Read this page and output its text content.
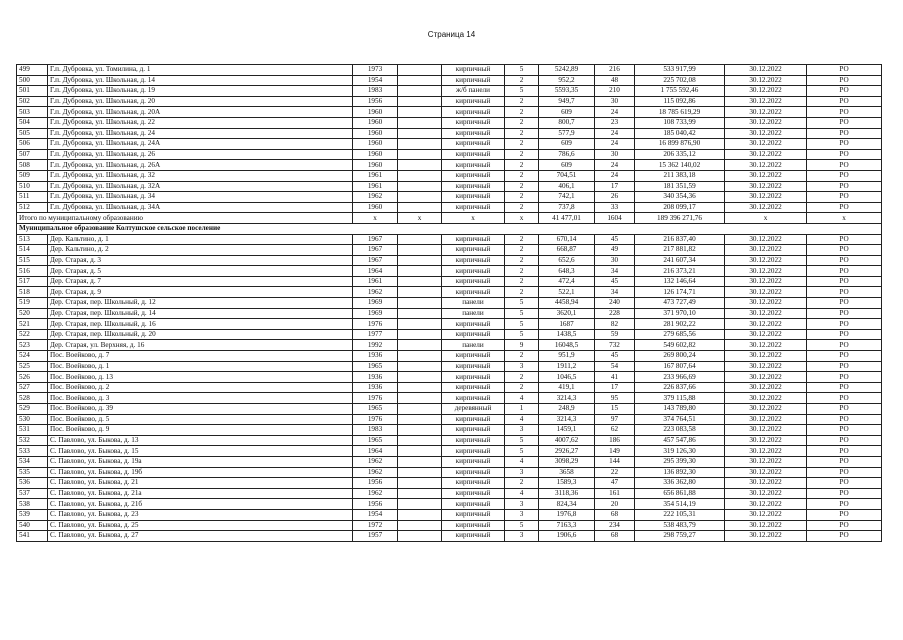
Страница 14
499	Г.п. Дубровка, ул. Томилина, д. 1	1973		кирпичный	5	5242,89	216	533 917,99	30.12.2022	РО
500	Г.п. Дубровка, ул. Школьная, д. 14	1954		кирпичный	2	952,2	48	225 702,08	30.12.2022	РО
501	Г.п. Дубровка, ул. Школьная, д. 19	1983		ж/б панели	5	5593,35	210	1 755 592,46	30.12.2022	РО
502	Г.п. Дубровка, ул. Школьная, д. 20	1956		кирпичный	2	949,7	30	115 092,86	30.12.2022	РО
503	Г.п. Дубровка, ул. Школьная, д. 20А	1960		кирпичный	2	609	24	18 785 619,29	30.12.2022	РО
504	Г.п. Дубровка, ул. Школьная, д. 22	1960		кирпичный	2	800,7	23	108 733,99	30.12.2022	РО
505	Г.п. Дубровка, ул. Школьная, д. 24	1960		кирпичный	2	577,9	24	185 040,42	30.12.2022	РО
506	Г.п. Дубровка, ул. Школьная, д. 24А	1960		кирпичный	2	609	24	16 899 876,90	30.12.2022	РО
507	Г.п. Дубровка, ул. Школьная, д. 26	1960		кирпичный	2	786,6	30	206 335,12	30.12.2022	РО
508	Г.п. Дубровка, ул. Школьная, д. 26А	1960		кирпичный	2	609	24	15 362 140,02	30.12.2022	РО
509	Г.п. Дубровка, ул. Школьная, д. 32	1961		кирпичный	2	704,51	24	211 383,18	30.12.2022	РО
510	Г.п. Дубровка, ул. Школьная, д. 32А	1961		кирпичный	2	406,1	17	181 351,59	30.12.2022	РО
511	Г.п. Дубровка, ул. Школьная, д. 34	1962		кирпичный	2	742,1	26	340 354,36	30.12.2022	РО
512	Г.п. Дубровка, ул. Школьная, д. 34А	1960		кирпичный	2	737,8	33	208 099,17	30.12.2022	РО
Итого по муниципальному образованию		x	x	x	x	41 477,01	1604	189 396 271,76	x	x
Муниципальное образование Колтушское сельское поселение										
513	Дер. Кальтино, д. 1	1967		кирпичный	2	670,14	45	216 837,40	30.12.2022	РО
514	Дер. Кальтино, д. 2	1967		кирпичный	2	668,87	49	217 881,82	30.12.2022	РО
515	Дер. Старая, д. 3	1967		кирпичный	2	652,6	30	241 607,34	30.12.2022	РО
516	Дер. Старая, д. 5	1964		кирпичный	2	648,3	34	216 373,21	30.12.2022	РО
517	Дер. Старая, д. 7	1961		кирпичный	2	472,4	45	132 146,64	30.12.2022	РО
518	Дер. Старая, д. 9	1962		кирпичный	2	522,1	34	126 174,71	30.12.2022	РО
519	Дер. Старая, пер. Школьный, д. 12	1969		панели	5	4458,94	240	473 727,49	30.12.2022	РО
520	Дер. Старая, пер. Школьный, д. 14	1969		панели	5	3620,1	228	371 970,10	30.12.2022	РО
521	Дер. Старая, пер. Школьный, д. 16	1976		кирпичный	5	1687	82	281 902,22	30.12.2022	РО
522	Дер. Старая, пер. Школьный, д. 20	1977		кирпичный	5	1438,5	59	279 685,56	30.12.2022	РО
523	Дер. Старая, ул. Верхняя, д. 16	1992		панели	9	16048,5	732	549 602,82	30.12.2022	РО
524	Пос. Воейково, д. 7	1936		кирпичный	2	951,9	45	269 800,24	30.12.2022	РО
525	Пос. Воейково, д. 1	1965		кирпичный	3	1911,2	54	167 807,64	30.12.2022	РО
526	Пос. Воейково, д. 13	1936		кирпичный	2	1046,5	41	233 966,69	30.12.2022	РО
527	Пос. Воейково, д. 2	1936		кирпичный	2	419,1	17	226 837,66	30.12.2022	РО
528	Пос. Воейково, д. 3	1976		кирпичный	4	3214,3	95	379 115,88	30.12.2022	РО
529	Пос. Воейково, д. 39	1965		деревянный	1	248,9	15	143 789,80	30.12.2022	РО
530	Пос. Воейково, д. 5	1976		кирпичный	4	3214,3	97	374 764,51	30.12.2022	РО
531	Пос. Воейково, д. 9	1983		кирпичный	3	1459,1	62	223 083,58	30.12.2022	РО
532	С. Павлово, ул. Быкова, д. 13	1965		кирпичный	5	4007,62	186	457 547,86	30.12.2022	РО
533	С. Павлово, ул. Быкова, д. 15	1964		кирпичный	5	2926,27	149	319 126,30	30.12.2022	РО
534	С. Павлово, ул. Быкова, д. 19а	1962		кирпичный	4	3098,29	144	295 399,30	30.12.2022	РО
535	С. Павлово, ул. Быкова, д. 19б	1962		кирпичный	3	3658	22	136 892,30	30.12.2022	РО
536	С. Павлово, ул. Быкова, д. 21	1956		кирпичный	2	1589,3	47	336 362,80	30.12.2022	РО
537	С. Павлово, ул. Быкова, д. 21а	1962		кирпичный	4	3118,36	161	656 861,88	30.12.2022	РО
538	С. Павлово, ул. Быкова, д. 21б	1956		кирпичный	3	824,34	20	354 514,19	30.12.2022	РО
539	С. Павлово, ул. Быкова, д. 23	1954		кирпичный	3	1976,8	68	222 105,31	30.12.2022	РО
540	С. Павлово, ул. Быкова, д. 25	1972		кирпичный	5	7163,3	234	538 483,79	30.12.2022	РО
541	С. Павлово, ул. Быкова, д. 27	1957		кирпичный	3	1906,6	68	298 759,27	30.12.2022	РО
